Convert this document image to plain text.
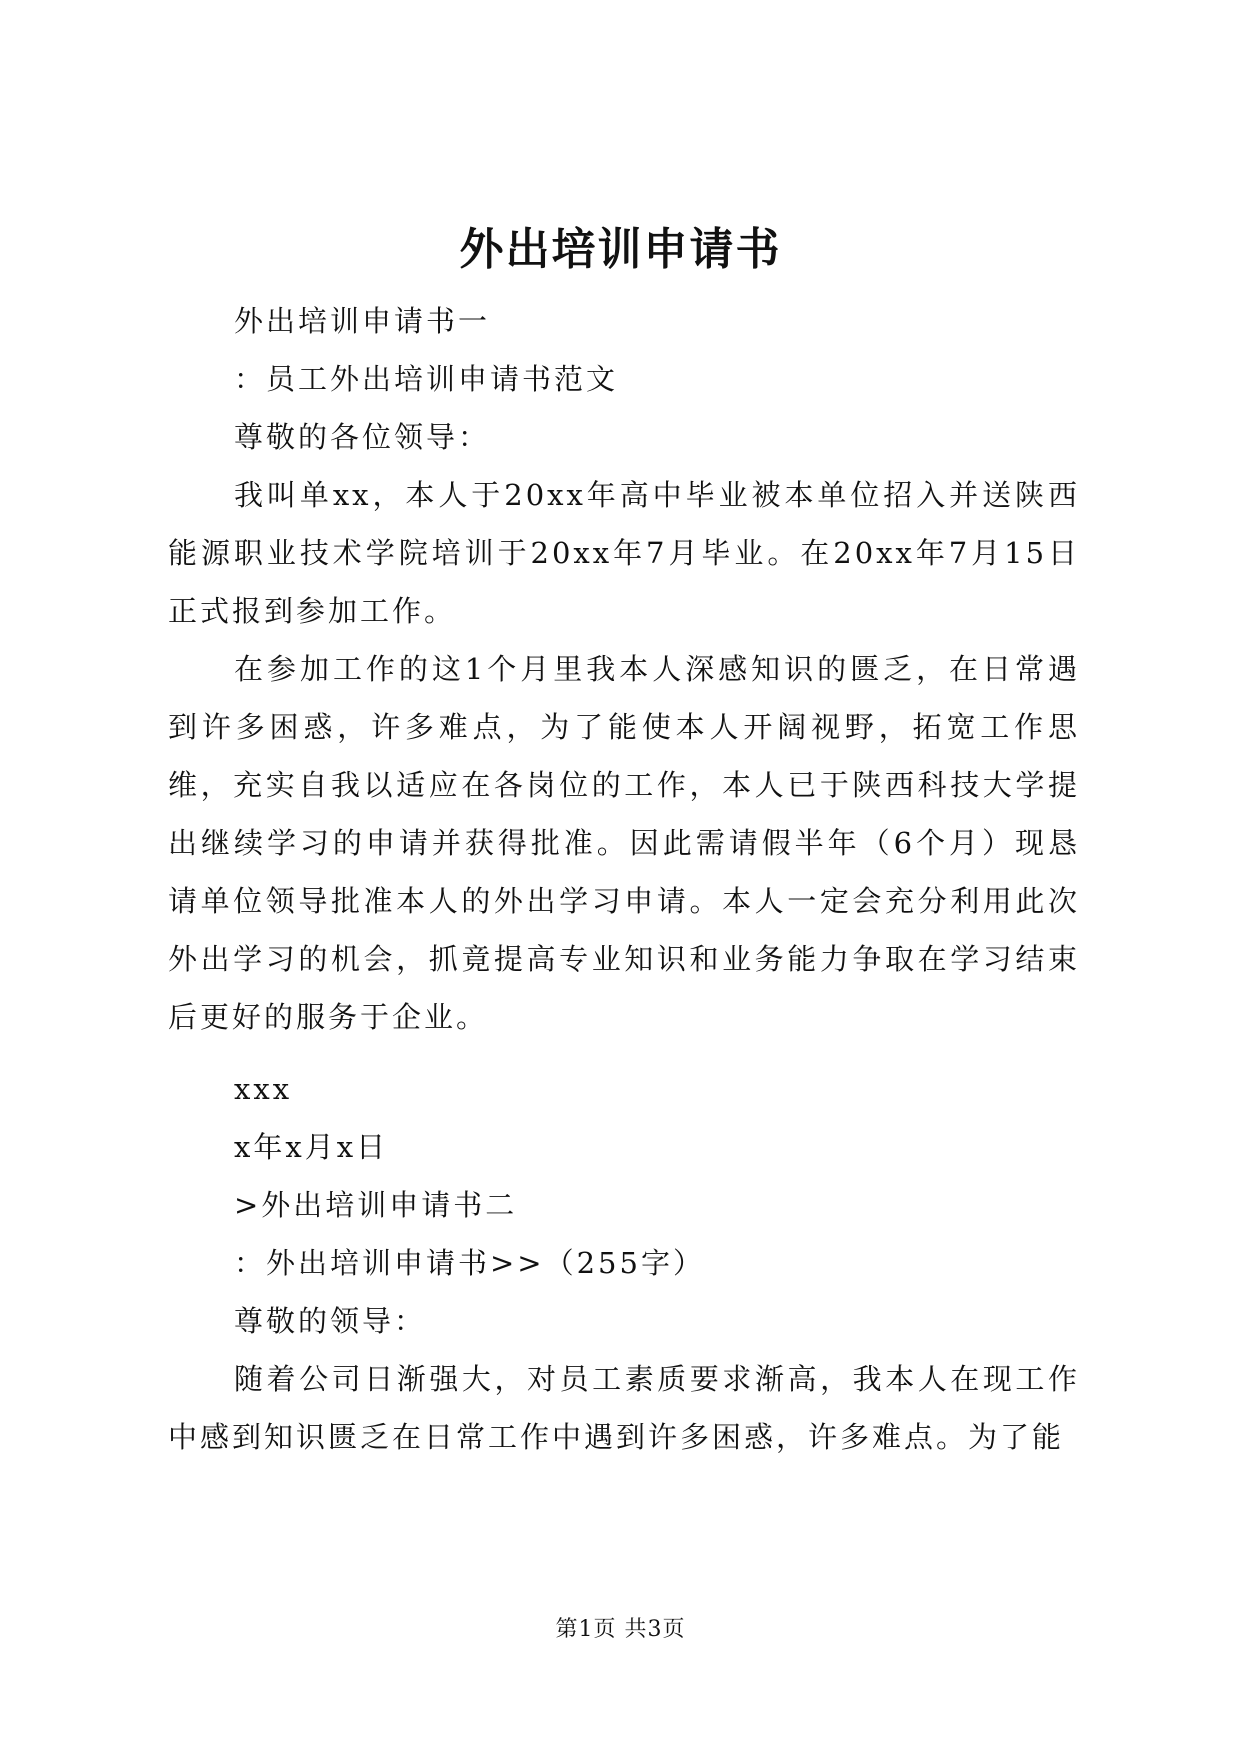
外出培训申请书
外出培训申请书一
：员工外出培训申请书范文
尊敬的各位领导：

我叫单xx，本人于20xx年高中毕业被本单位招入并送陕西能源职业技术学院培训于20xx年7月毕业。在20xx年7月15日正式报到参加工作。

在参加工作的这1个月里我本人深感知识的匮乏，在日常遇到许多困惑，许多难点，为了能使本人开阔视野，拓宽工作思维，充实自我以适应在各岗位的工作，本人已于陕西科技大学提出继续学习的申请并获得批准。因此需请假半年（6个月）现恳请单位领导批准本人的外出学习申请。本人一定会充分利用此次外出学习的机会，抓竟提高专业知识和业务能力争取在学习结束后更好的服务于企业。

xxx
x年x月x日
>外出培训申请书二
：外出培训申请书>>（255字）
尊敬的领导：

随着公司日渐强大，对员工素质要求渐高，我本人在现工作中感到知识匮乏在日常工作中遇到许多困惑，许多难点。为了能

第1页 共3页
